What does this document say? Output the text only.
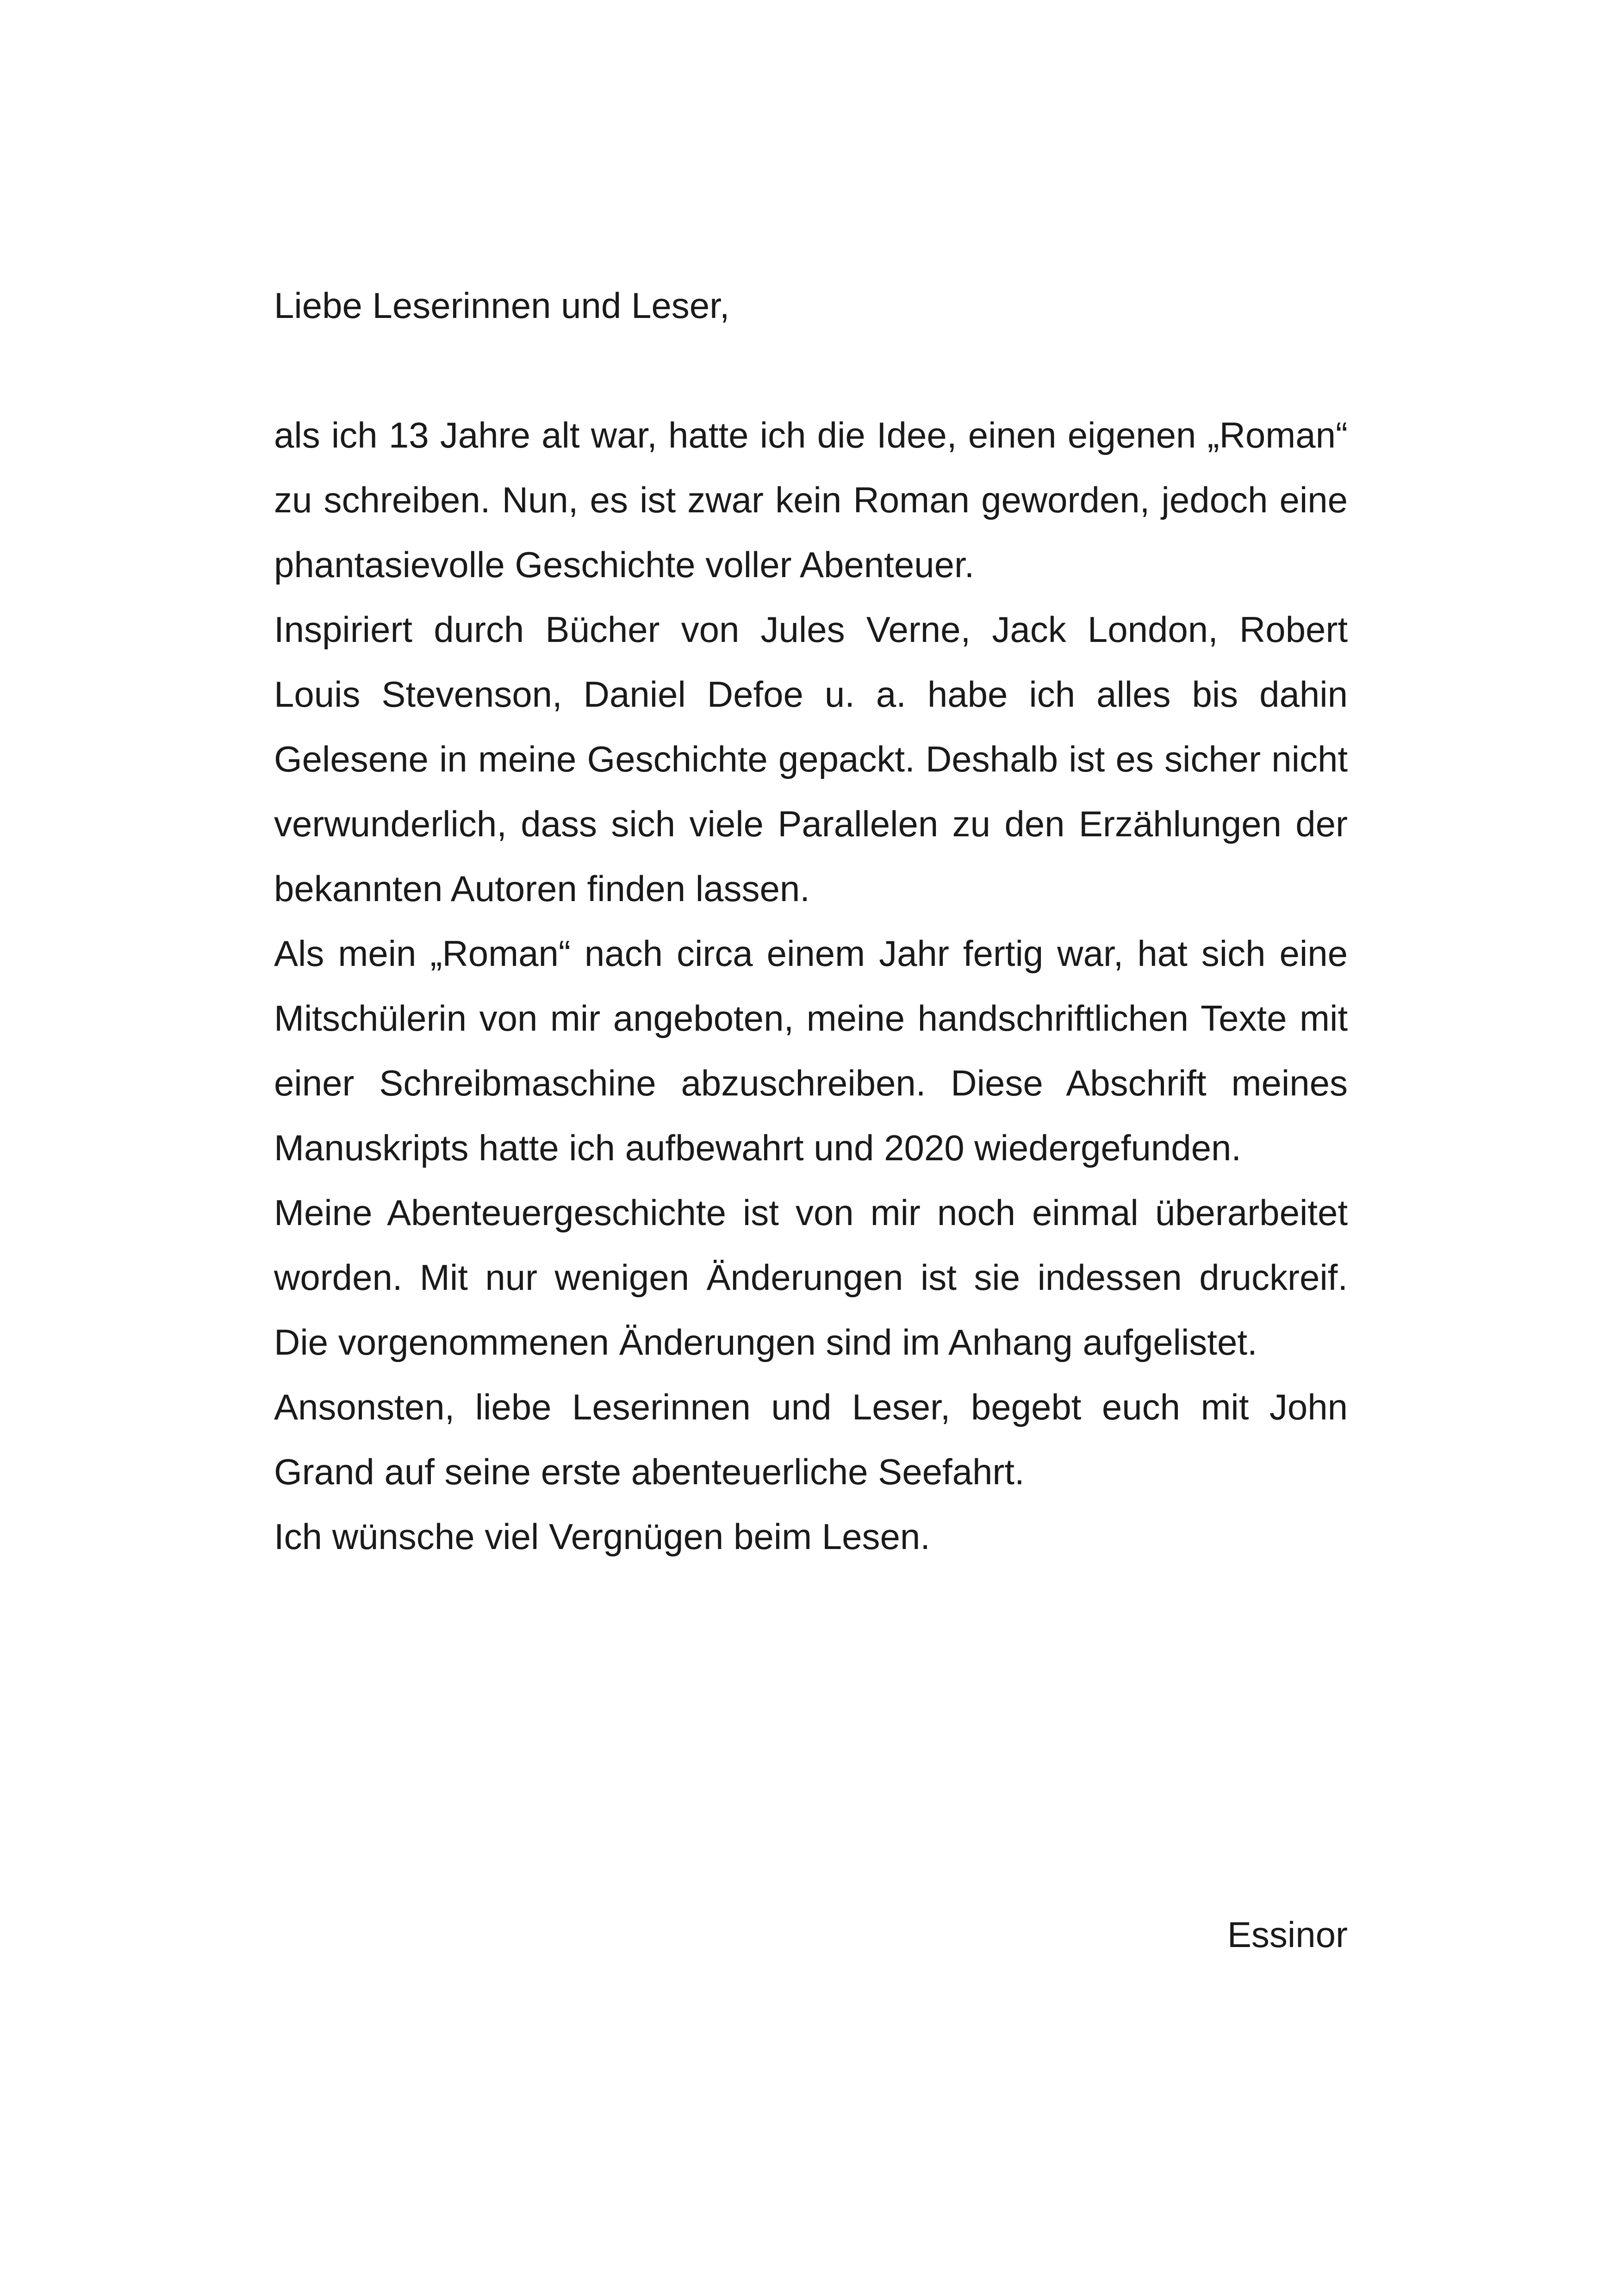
Liebe Leserinnen und Leser,

als ich 13 Jahre alt war, hatte ich die Idee, einen eigenen „Roman“ zu schreiben. Nun, es ist zwar kein Roman geworden, jedoch eine phantasievolle Geschichte voller Abenteuer.

Inspiriert durch Bücher von Jules Verne, Jack London, Robert Louis Stevenson, Daniel Defoe u. a. habe ich alles bis dahin Gelesene in meine Geschichte gepackt. Deshalb ist es sicher nicht verwunderlich, dass sich viele Parallelen zu den Erzählungen der bekannten Autoren finden lassen.

Als mein „Roman“ nach circa einem Jahr fertig war, hat sich eine Mitschülerin von mir angeboten, meine handschriftlichen Texte mit einer Schreibmaschine abzuschreiben. Diese Abschrift meines Manuskripts hatte ich aufbewahrt und 2020 wiedergefunden.

Meine Abenteuergeschichte ist von mir noch einmal überarbeitet worden. Mit nur wenigen Änderungen ist sie indessen druckreif. Die vorgenommenen Änderungen sind im Anhang aufgelistet.

Ansonsten, liebe Leserinnen und Leser, begebt euch mit John Grand auf seine erste abenteuerliche Seefahrt.

Ich wünsche viel Vergnügen beim Lesen.

Essinor
